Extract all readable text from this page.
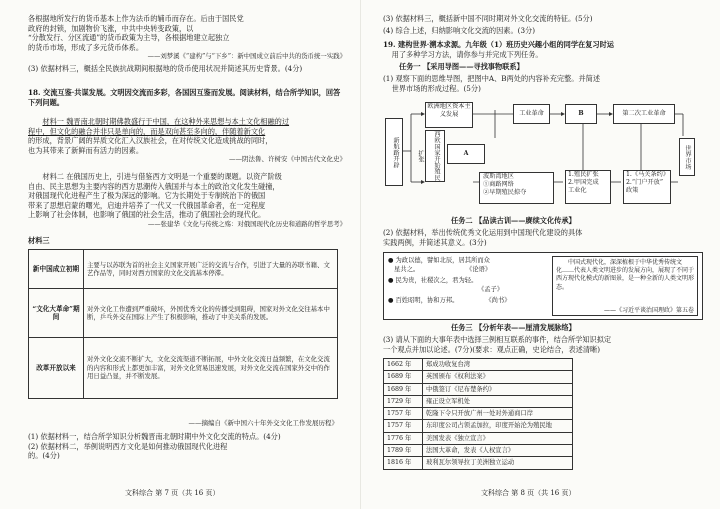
各根据地所发行的货币基本上作为法币的辅币而存在。后由于国民党
政府的封锁，加剧物价飞涨，中共中央转变政策，以
“分散发行、分区流通”的货币政策为主导，各根据地建立起独立
的货币市场，形成了多元货币体系。
——刘梦溪《“建构”与“下乡”：新中国成立前后中共的货币统一实践》
(3) 依据材料三，概括全民族抗战期间根据地的货币使用状况并简述其历史背景。(4分)
18. 交流互鉴·共谋发展。文明因交流而多彩，各国因互鉴而发展。阅读材料，结合所学知识，回答下列问题。
材料一 魏晋南北朝时期佛教盛行于中国，在这种外来思想与本土文化相融的过
程中，但文化的融合并非只是单向的，而是双向甚至多向的，伴随着新文化
的形成，背景广阔的异质文化汇入汉族社会，在对传统文化造成挑战的同时，
也为其带来了新鲜而有活力的因素。
——阴法鲁、许树安《中国古代文化史》
材料二 在俄国历史上，引进与借鉴西方文明是一个重要的课题。以资产阶级
自由、民主思想为主要内容的西方思潮传入俄国并与本土的政治文化发生碰撞，
对俄国现代化进程产生了极为深远的影响。它为长期处于专制统治下的俄国
带来了思想启蒙的曙光，启迪并培养了一代又一代俄国革命者，在一定程度
上影响了社会体制，也影响了俄国的社会生活，推动了俄国社会的现代化。
——张建华《文化与传统之殇：对俄国现代化历史和道路的哲学思考》
材料三
新中国成立初期	主要与以苏联为首的社会主义国家开展广泛的交流与合作，引进了大量的苏联书籍、文艺作品等，同时对西方国家的文化交流基本停滞。
“文化大革命”期间	对外文化工作遭到严重破坏，外国优秀文化的传播受到阻碍，国家对外文化交往基本中断，乒乓外交在国际上产生了积极影响，推动了中美关系的发展。
改革开放以来	对外文化交流不断扩大，文化交流渠道不断拓展，中外文化交流日益频繁，在文化交流的内容和形式上都更加丰富，对外文化贸易迅速发展，对外文化交流在国家外交中的作用日益凸显，并不断发展。
——摘编自《新中国六十年外交文化工作发展历程》
(1) 依据材料一，结合所学知识分析魏晋南北朝时期中外文化交流的特点。(4分)
(2) 依据材料二，举例说明西方文化是如何推动俄国现代化进程
的。(4分)
文科综合 第 7 页（共 16 页）
(3) 依据材料三，概括新中国不同时期对外文化交流的特征。(5分)
(4) 综合上述，归纳影响文化交流的因素。(3分)
19. 建构世界·溯本求源。九年级（1）班历史兴趣小组的同学在复习时运
用了多种学习方法，请你参与并完成下列任务。
任务一 【采用导图——寻找事物联系】
(1) 观察下面的思维导图，把图中A、B两处的内容补充完整。并简述
世界市场的形成过程。(5分)
新航路开辟
欧洲地区资本主义发展
西欧国家开始殖民扩张	A
工业革命	B	第二次工业革命
世界市场
波斯湾地区
①商路网络
②早期殖民掠夺
1.殖民扩张
2.甲国完成
工业化
1.《马关条约》
2.“门户开放”
政策
任务二 【品读古训——赓续文化传承】
(2) 依据材料，举出传统优秀文化运用到中国现代化建设的具体
实践两例，并简述其意义。(3分)
● 为政以德，譬如北辰，居其所而众
星共之。	《论语》
● 民为贵，社稷次之，君为轻。
《孟子》
● 百姓昭明，协和万邦。	《尚书》
中国式现代化，深深植根于中华优秀传统文化……代表人类文明进步的发展方向，展现了不同于西方现代化模式的新图景，是一种全新的人类文明形态。
——《习近平谈治国理政》第五卷
任务三 【分析年表——厘清发展脉络】
(3) 请从下面的大事年表中选择三例相互联系的事件，结合所学知识拟定
一个观点并加以论述。(7分)(要求：观点正确，史论结合，表述清晰)
1662 年	郑成功收复台湾
1689 年	英国颁布《权利法案》
1689 年	中俄签订《尼布楚条约》
1729 年	雍正设立军机处
1757 年	乾隆下令只开放广州一处对外通商口岸
1757 年	东印度公司占领孟加拉，印度开始沦为殖民地
1776 年	美国发表《独立宣言》
1789 年	法国大革命，发表《人权宣言》
1816 年	玻利瓦尔领导拉丁美洲独立运动
文科综合 第 8 页（共 16 页）
